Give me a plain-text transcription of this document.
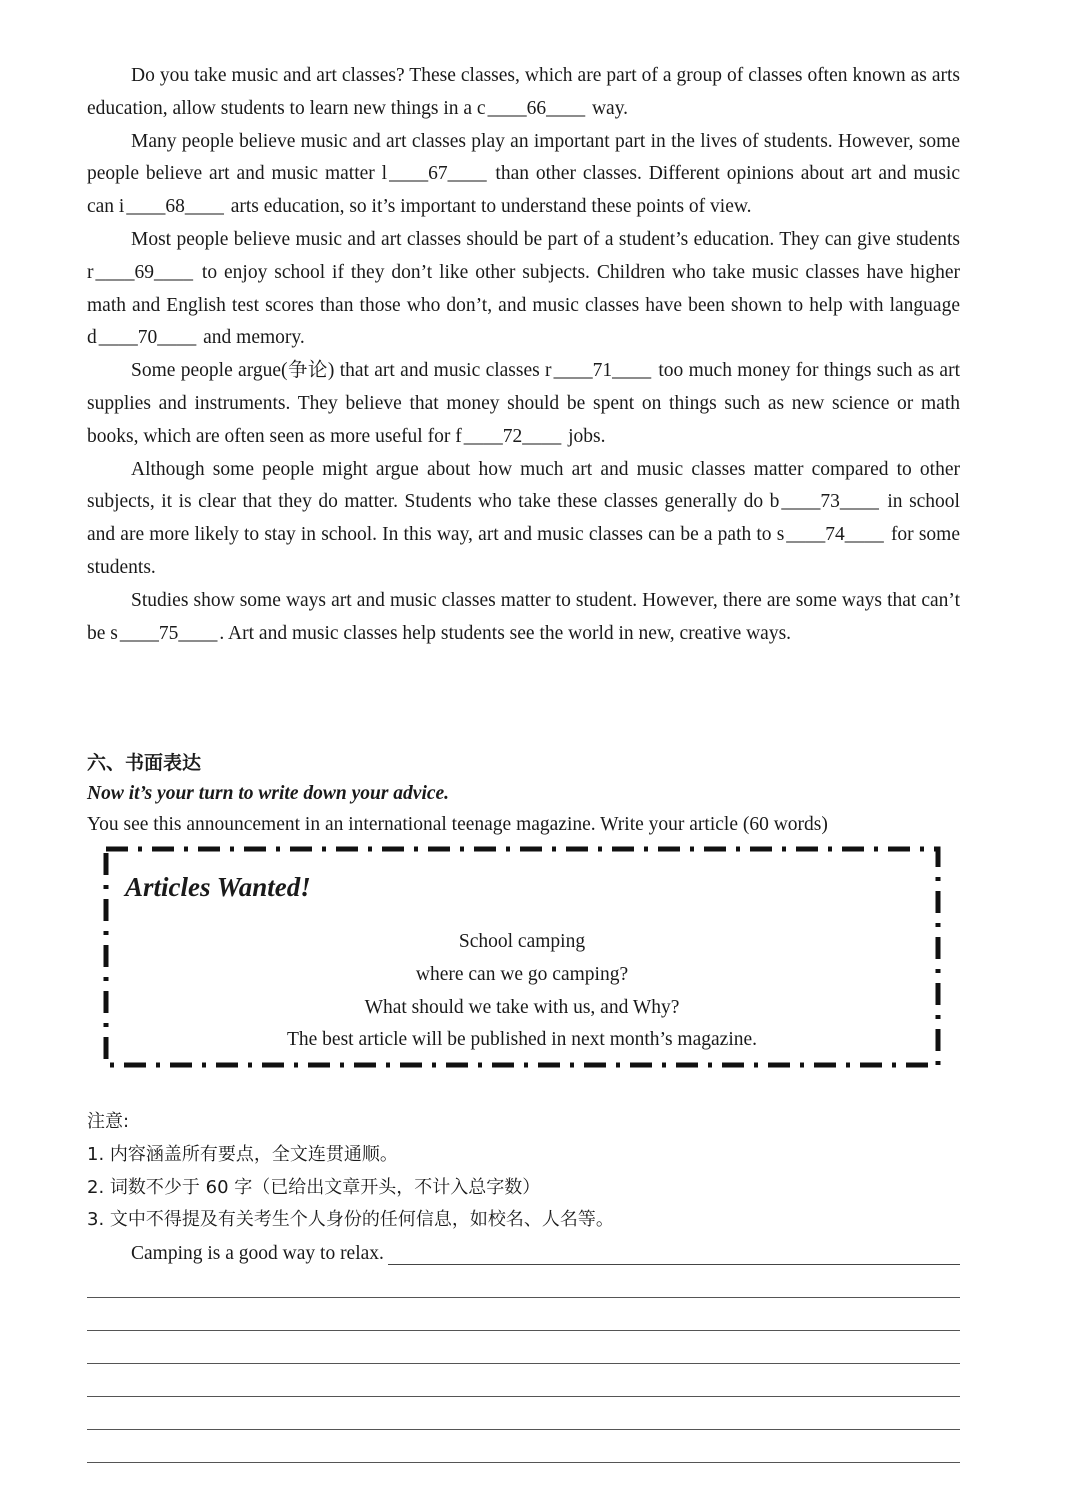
Do you take music and art classes? These classes, which are part of a group of classes often known as arts education, allow students to learn new things in a c ____66____ way.

Many people believe music and art classes play an important part in the lives of students. However, some people believe art and music matter l ____67____ than other classes. Different opinions about art and music can i ____68____ arts education, so it’s important to understand these points of view.

Most people believe music and art classes should be part of a student’s education. They can give students r ____69____ to enjoy school if they don’t like other subjects. Children who take music classes have higher math and English test scores than those who don’t, and music classes have been shown to help with language d ____70____ and memory.

Some people argue(争论) that art and music classes r ____71____ too much money for things such as art supplies and instruments. They believe that money should be spent on things such as new science or math books, which are often seen as more useful for f ____72____ jobs.

Although some people might argue about how much art and music classes matter compared to other subjects, it is clear that they do matter. Students who take these classes generally do b ____73____ in school and are more likely to stay in school. In this way, art and music classes can be a path to s ____74____ for some students.

Studies show some ways art and music classes matter to student. However, there are some ways that can’t be s ____75____ . Art and music classes help students see the world in new, creative ways.

六、书面表达
Now it’s your turn to write down your advice.
You see this announcement in an international teenage magazine. Write your article (60 words)
Articles Wanted!
School camping
where can we go camping?
What should we take with us, and Why?
The best article will be published in next month’s magazine.
注意:
1. 内容涵盖所有要点，全文连贯通顺。
2. 词数不少于 60 字（已给出文章开头，不计入总字数）
3. 文中不得提及有关考生个人身份的任何信息，如校名、人名等。
Camping is a good way to relax.
